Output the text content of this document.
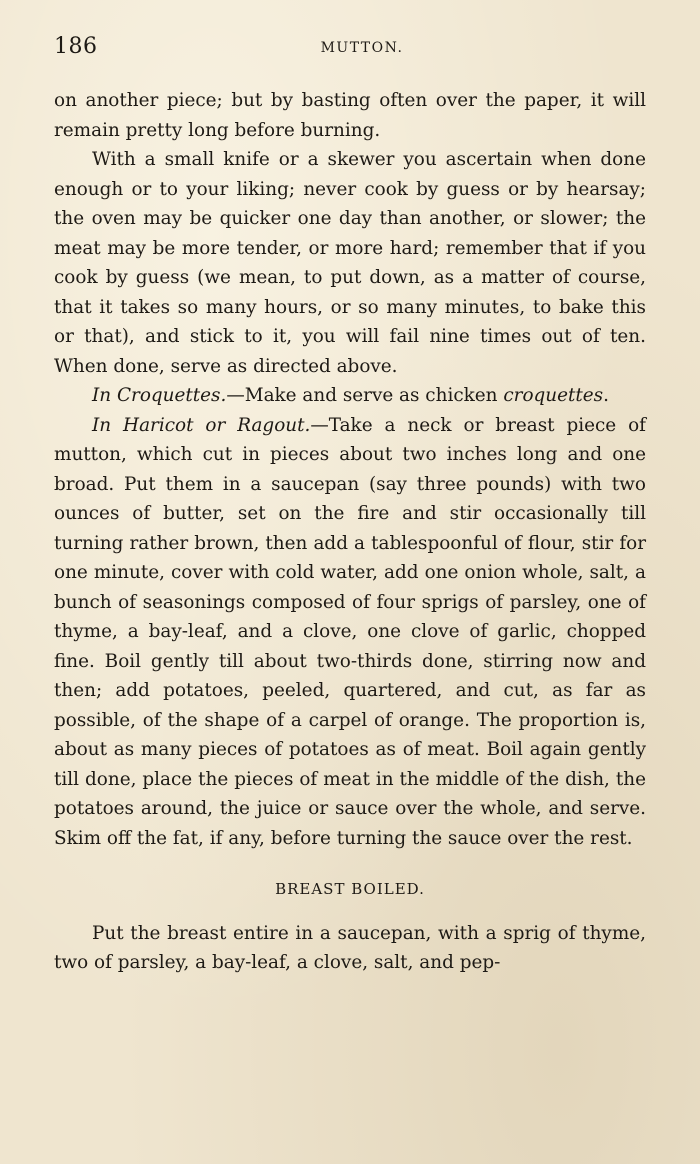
186	MUTTON.

on another piece; but by basting often over the paper, it will remain pretty long before burning.

With a small knife or a skewer you ascertain when done enough or to your liking; never cook by guess or by hearsay; the oven may be quicker one day than another, or slower; the meat may be more tender, or more hard; remember that if you cook by guess (we mean, to put down, as a matter of course, that it takes so many hours, or so many minutes, to bake this or that), and stick to it, you will fail nine times out of ten. When done, serve as directed above.

In Croquettes.—Make and serve as chicken croquettes.

In Haricot or Ragout.—Take a neck or breast piece of mutton, which cut in pieces about two inches long and one broad. Put them in a saucepan (say three pounds) with two ounces of butter, set on the fire and stir occasionally till turning rather brown, then add a tablespoonful of flour, stir for one minute, cover with cold water, add one onion whole, salt, a bunch of seasonings composed of four sprigs of parsley, one of thyme, a bay-leaf, and a clove, one clove of garlic, chopped fine. Boil gently till about two-thirds done, stirring now and then; add potatoes, peeled, quartered, and cut, as far as possible, of the shape of a carpel of orange. The proportion is, about as many pieces of potatoes as of meat. Boil again gently till done, place the pieces of meat in the middle of the dish, the potatoes around, the juice or sauce over the whole, and serve. Skim off the fat, if any, before turning the sauce over the rest.

BREAST BOILED.

Put the breast entire in a saucepan, with a sprig of thyme, two of parsley, a bay-leaf, a clove, salt, and pep-
